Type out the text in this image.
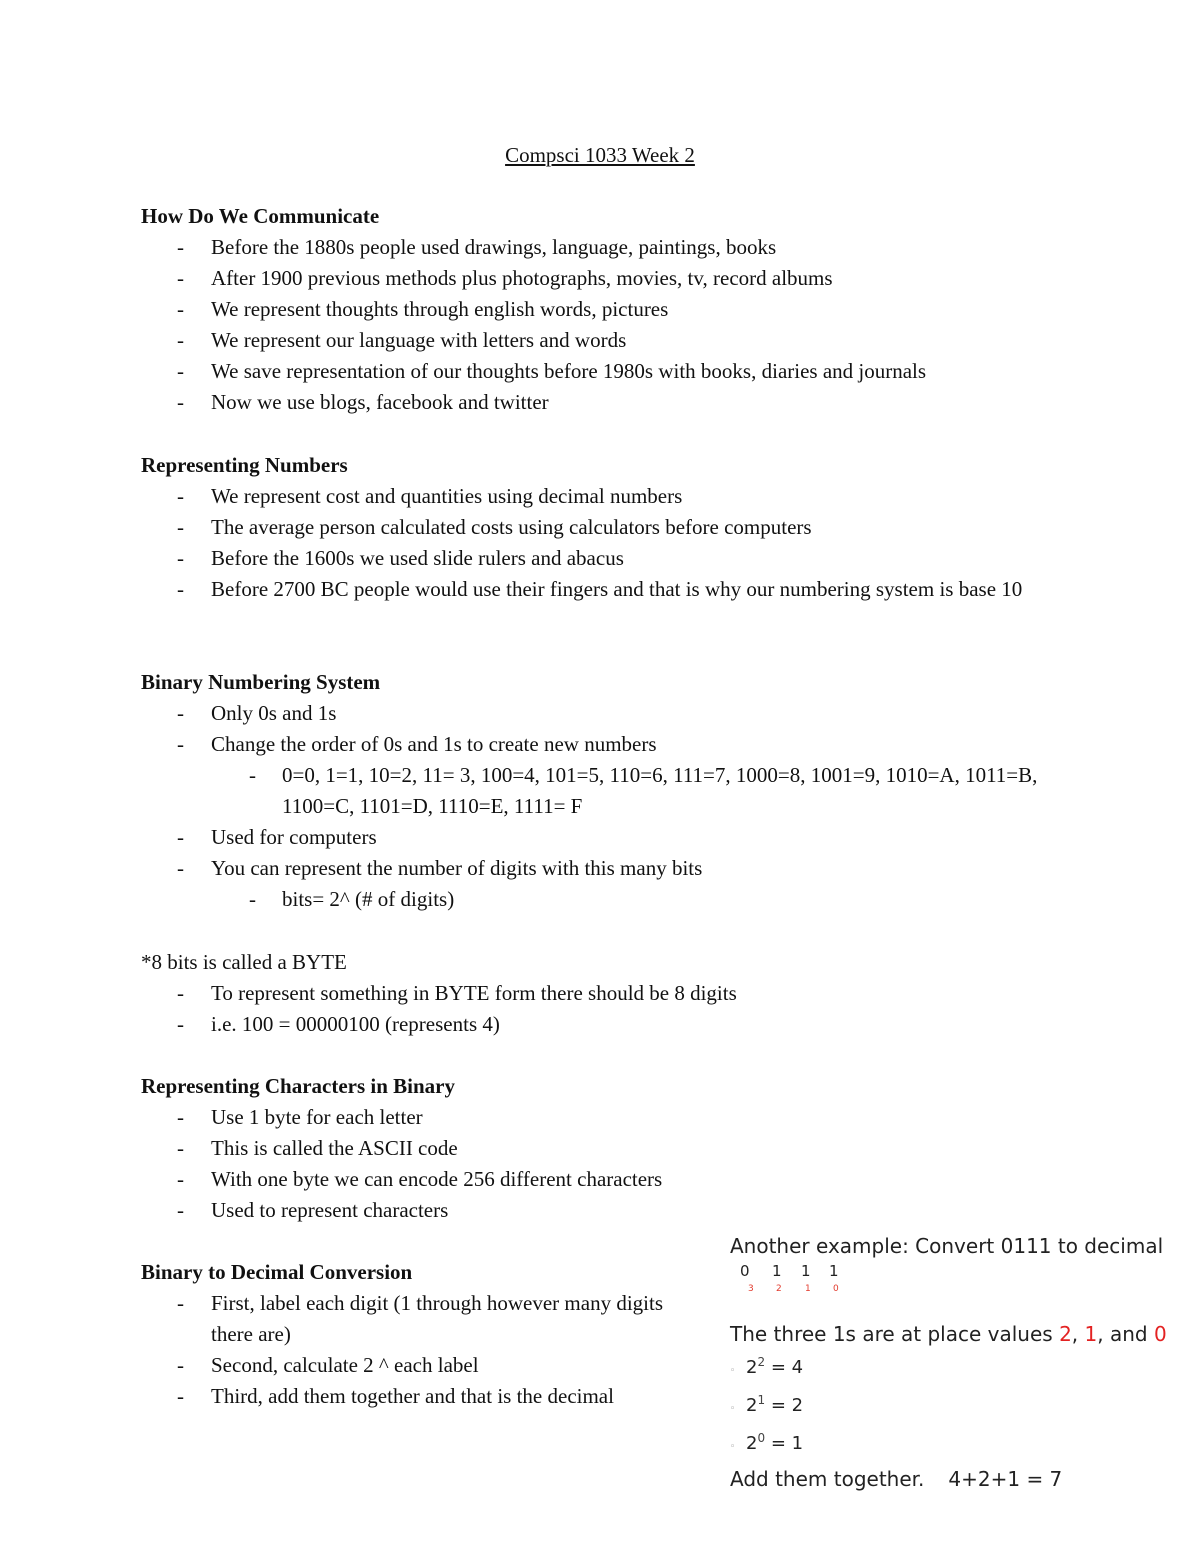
Compsci 1033 Week 2
How Do We Communicate
- Before the 1880s people used drawings, language, paintings, books
- After 1900 previous methods plus photographs, movies, tv, record albums
- We represent thoughts through english words, pictures
- We represent our language with letters and words
- We save representation of our thoughts before 1980s with books, diaries and journals
- Now we use blogs, facebook and twitter
Representing Numbers
- We represent cost and quantities using decimal numbers
- The average person calculated costs using calculators before computers
- Before the 1600s we used slide rulers and abacus
- Before 2700 BC people would use their fingers and that is why our numbering system is base 10
Binary Numbering System
- Only 0s and 1s
- Change the order of 0s and 1s to create new numbers
- 0=0, 1=1, 10=2, 11= 3, 100=4, 101=5, 110=6, 111=7, 1000=8, 1001=9, 1010=A, 1011=B, 1100=C, 1101=D, 1110=E, 1111= F
- Used for computers
- You can represent the number of digits with this many bits
- bits= 2^ (# of digits)
*8 bits is called a BYTE
- To represent something in BYTE form there should be 8 digits
- i.e. 100 = 00000100 (represents 4)
Representing Characters in Binary
- Use 1 byte for each letter
- This is called the ASCII code
- With one byte we can encode 256 different characters
- Used to represent characters
Binary to Decimal Conversion
- First, label each digit (1 through however many digits there are)
- Second, calculate 2 ^ each label
- Third, add them together and that is the decimal
Another example: Convert 0111 to decimal
0 1 1 1
3 2	1 0
The three 1s are at place values 2, 1, and 0
◦ $2^2 = 4$
◦ $2^1 = 2$
◦ $2^0 = 1$
Add them together. 4+2+1 = 7
